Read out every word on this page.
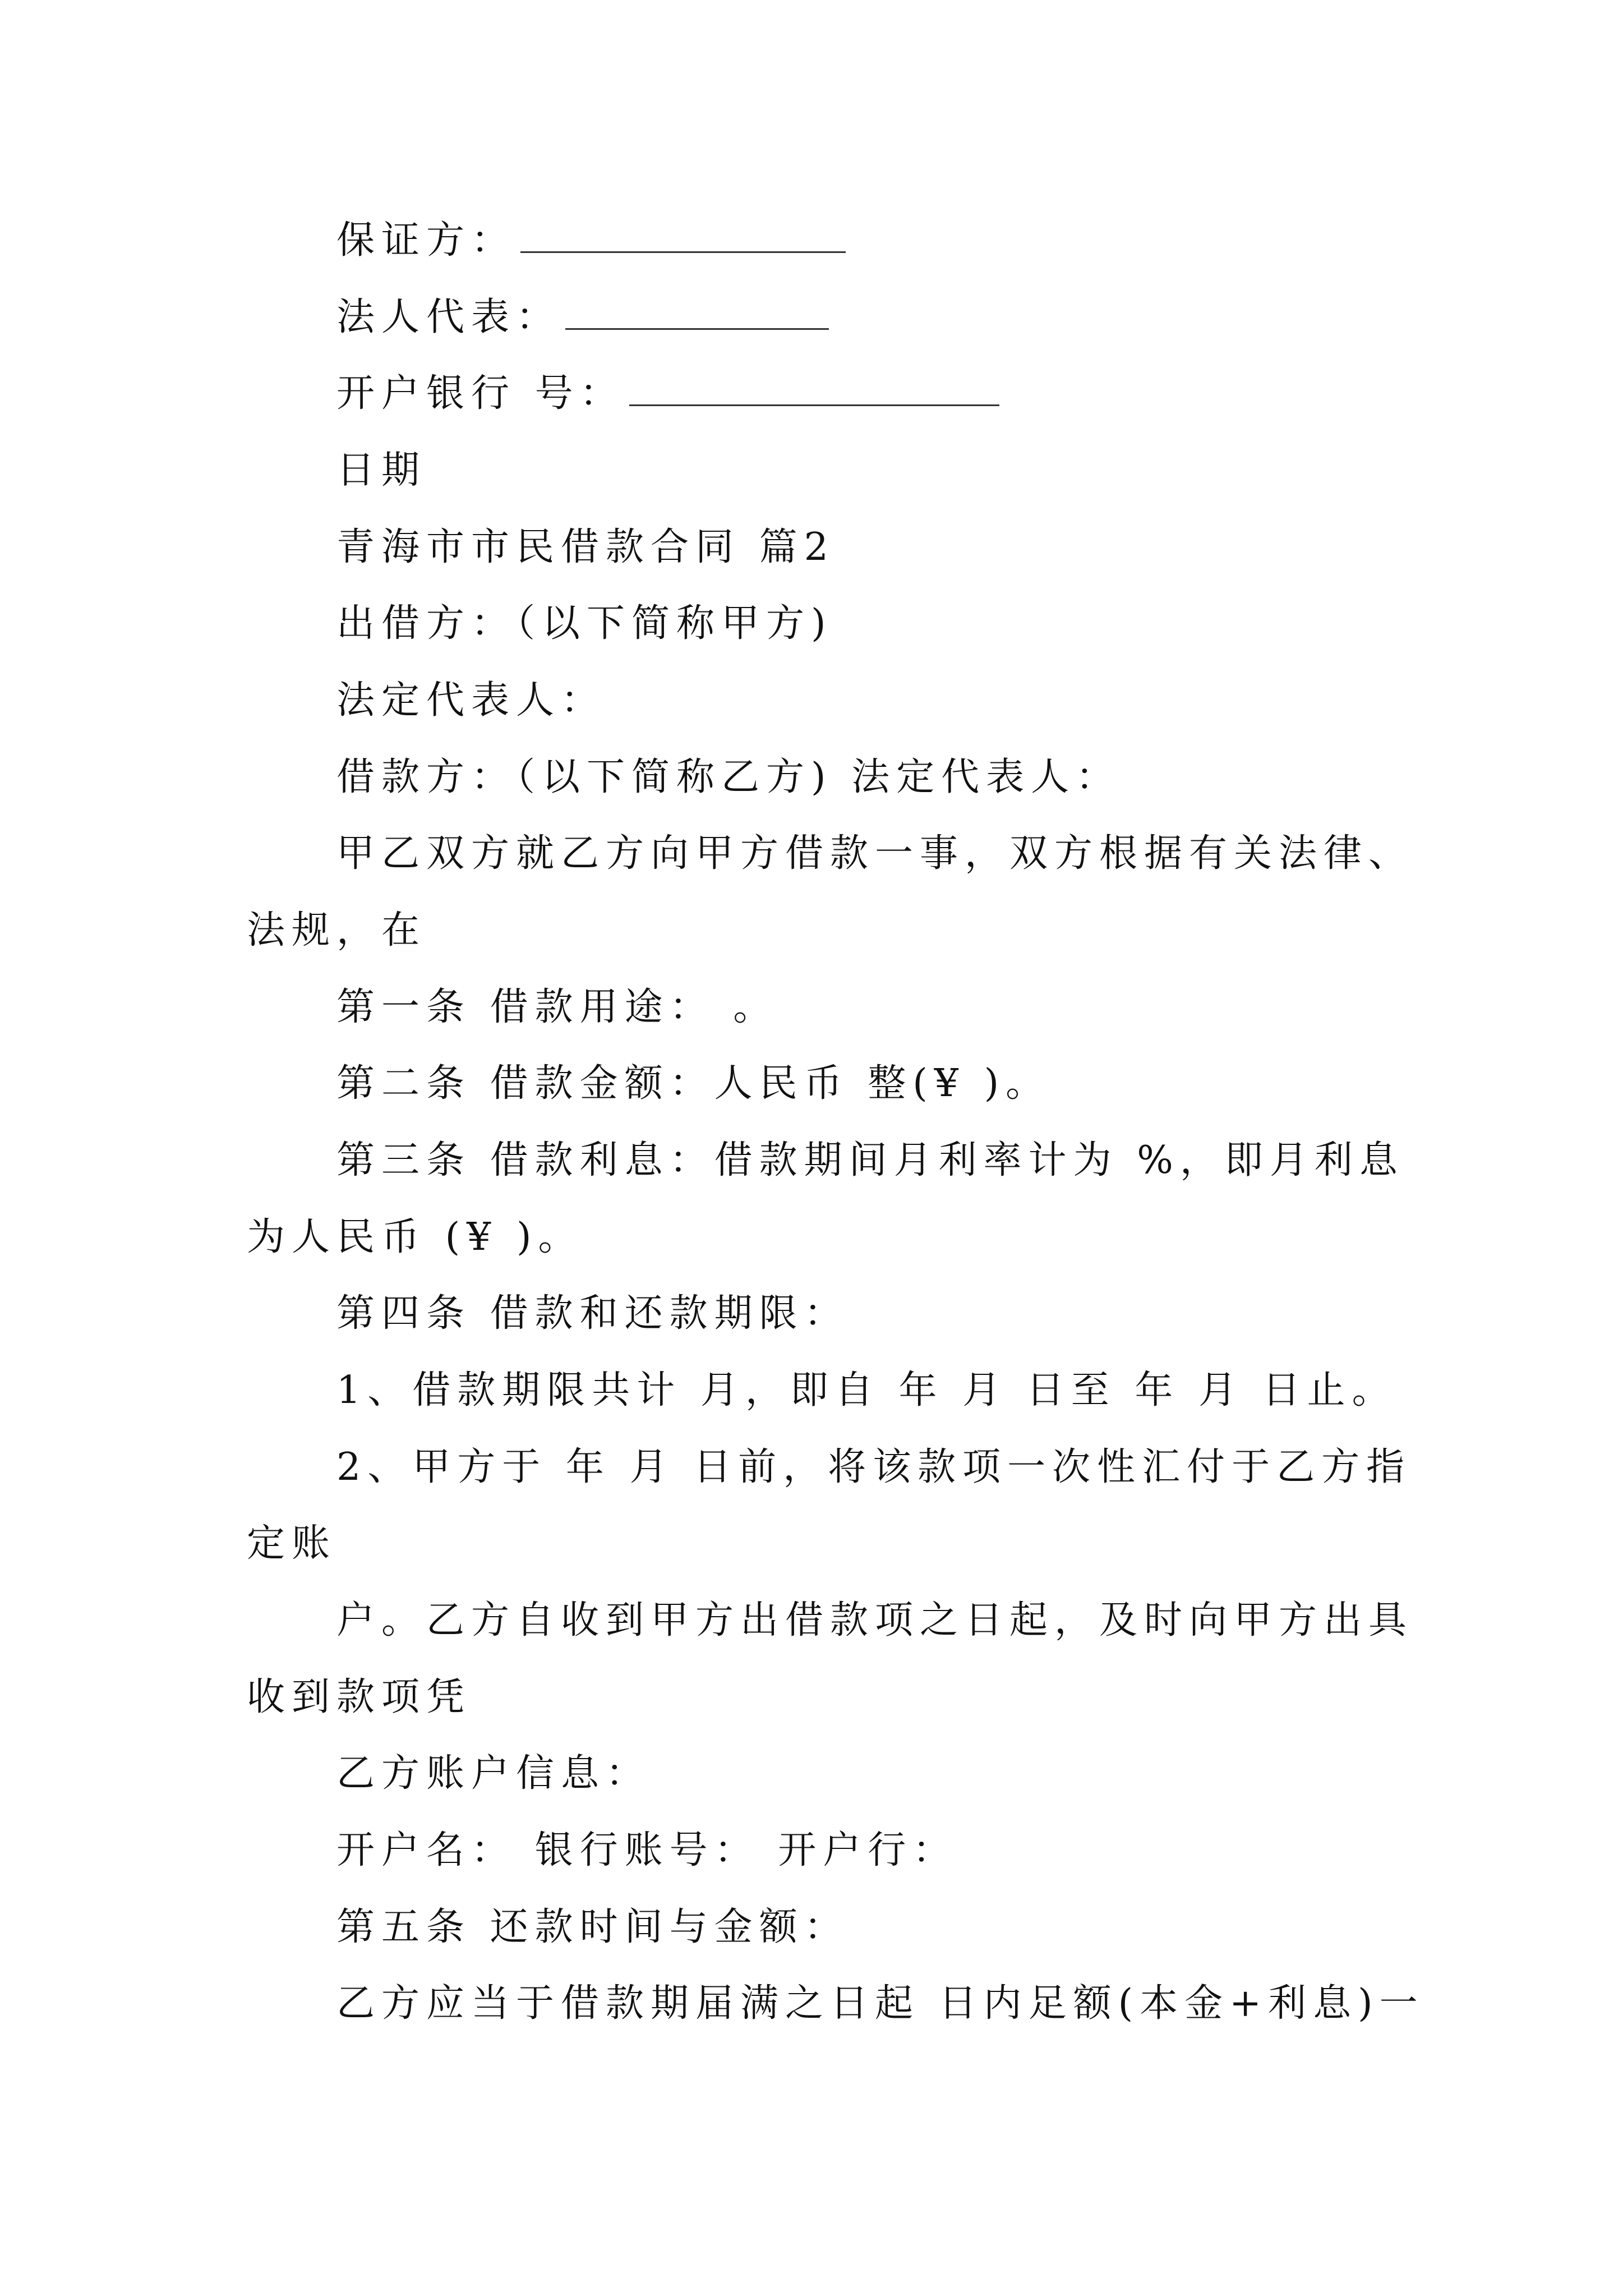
保证方：
法人代表：
开户银行 号：
日期
青海市市民借款合同 篇2
出借方：（以下简称甲方)
法定代表人：
借款方：（以下简称乙方) 法定代表人：
甲乙双方就乙方向甲方借款一事，双方根据有关法律、
法规，在
第一条 借款用途： 。
第二条 借款金额：人民币 整(¥ )。
第三条 借款利息：借款期间月利率计为 %，即月利息
为人民币 (¥ )。
第四条 借款和还款期限：
1、借款期限共计 月，即自 年 月 日至 年 月 日止。
2、甲方于 年 月 日前，将该款项一次性汇付于乙方指
定账
户。乙方自收到甲方出借款项之日起，及时向甲方出具
收到款项凭
乙方账户信息：
开户名： 银行账号： 开户行：
第五条 还款时间与金额：
乙方应当于借款期届满之日起 日内足额(本金+利息)一
